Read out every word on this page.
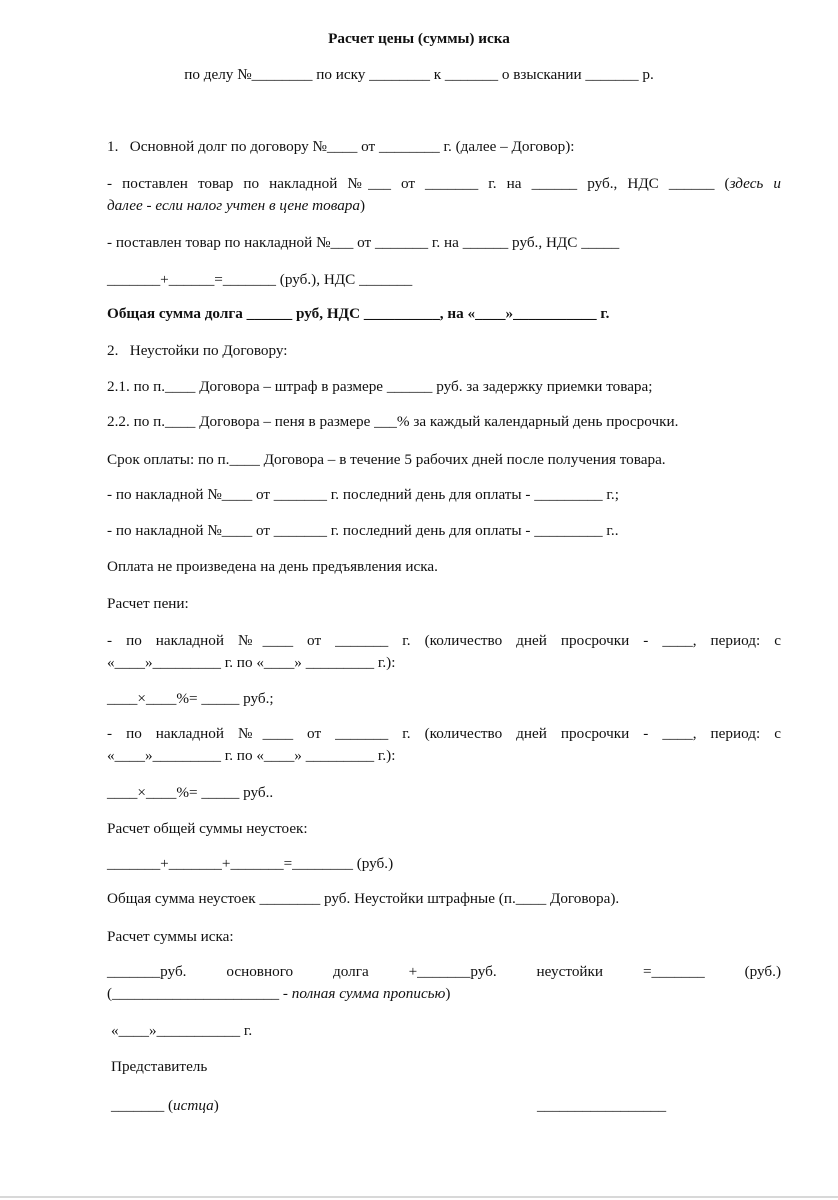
Расчет цены (суммы) иска
по делу №________ по иску ________ к _______ о взыскании _______ р.
1.   Основной долг по договору №____ от ________ г. (далее – Договор):
- поставлен товар по накладной №___ от _______ г. на ______ руб., НДС ______ (здесь и
далее - если налог учтен в цене товара)
- поставлен товар по накладной №___ от _______ г. на ______ руб., НДС _____
_______+______=_______ (руб.), НДС _______
Общая сумма долга ______ руб, НДС __________, на «____»___________ г.
2.   Неустойки по Договору:
2.1. по п.____ Договора – штраф в размере ______ руб. за задержку приемки товара;
2.2. по п.____ Договора – пеня в размере ___% за каждый календарный день просрочки.
Срок оплаты: по п.____ Договора – в течение 5 рабочих дней после получения товара.
- по накладной №____ от _______ г. последний день для оплаты - _________ г.;
- по накладной №____ от _______ г. последний день для оплаты - _________ г..
Оплата не произведена на день предъявления иска.
Расчет пени:
- по накладной №____ от _______ г. (количество дней просрочки - ____, период: с
«____»_________ г. по «____» _________ г.):
____×____%= _____ руб.;
- по накладной №____ от _______ г. (количество дней просрочки - ____, период: с
«____»_________ г. по «____» _________ г.):
____×____%= _____ руб..
Расчет общей суммы неустоек:
_______+_______+_______=________ (руб.)
Общая сумма неустоек ________ руб. Неустойки штрафные (п.____ Договора).
Расчет суммы иска:
_______руб. основного долга +_______руб. неустойки =_______ (руб.)
(______________________ - полная сумма прописью)
«____»___________ г.
Представитель
_______ (истца)	_________________
